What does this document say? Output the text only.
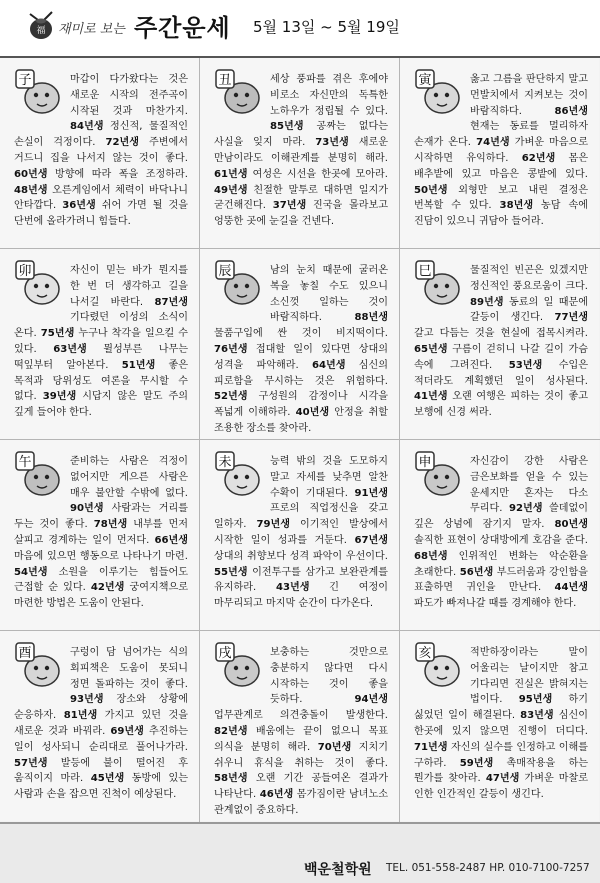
福 재미로 보는 주간운세 5월 13일 ~ 5월 19일
子	마갑이 다가왔다는 것은 새로운 시작의 전주곡이 시작된 것과 마찬가지. 84년생 정신적, 물질적인 손실이 걱정이다. 72년생 주변에서 거드니 집을 나서지 않는 것이 좋다. 60년생 방향에 따라 폭을 조정하라. 48년생 오른게임에서 체력이 바닥나니 안타깝다. 36년생 쉬어 가면 될 것을 단번에 올라가려니 힘들다.
丑	세상 풍파를 겪은 후에야 비로소 자신만의 독특한 노하우가 정립될 수 있다. 85년생 공짜는 없다는 사실을 잊지 마라. 73년생 새로운 만남이라도 이해관계를 분명히 해라. 61년생 여성은 시선을 한곳에 모아라. 49년생 친절한 말투로 대하면 일지가 굳건해진다. 37년생 진국을 몰라보고 엉뚱한 곳에 눈길을 건넨다.
寅	옳고 그름을 판단하지 말고 먼발치에서 지켜보는 것이 바람직하다. 86년생 현재는 동료를 멀리하자 손재가 온다. 74년생 가벼운 마음으로 시작하면 유익하다. 62년생 몸은 배추밭에 있고 마음은 콩밭에 있다. 50년생 외형만 보고 내린 결정은 번복할 수 있다. 38년생 농담 속에 진담이 있으니 귀담아 들어라.
卯	자신이 믿는 바가 뭔지를 한 번 더 생각하고 길을 나서길 바란다. 87년생 기다렸던 이성의 소식이 온다. 75년생 누구나 착각을 일으킬 수 있다. 63년생 뮐성부른 나무는 떡잎부터 알아본다. 51년생 좋은 목적과 당위성도 여론을 무시할 수 없다. 39년생 시답지 않은 말도 주의 깊게 들어야 한다.
辰	남의 눈치 때문에 굴러온 복을 놓칠 수도 있으니 소신껏 일하는 것이 바람직하다. 88년생 물품구입에 싼 것이 비지떡이다. 76년생 접대할 일이 있다면 상대의 성격을 파악해라. 64년생 심신의 피로함을 무시하는 것은 위험하다. 52년생 구성원의 감정이나 시각을 폭넓게 이해하라. 40년생 안정을 취할 조용한 장소를 찾아라.
巳	물질적인 빈곤은 있겠지만 정신적인 풍요로움이 크다. 89년생 동료의 일 때문에 갈등이 생긴다. 77년생 갈고 다듬는 것을 현실에 접목시켜라. 65년생 구름이 걷히니 나갈 길이 가슴 속에 그려진다. 53년생 수입은 적더라도 계획했던 일이 성사된다. 41년생 오랜 여행은 피하는 것이 좋고 보행에 신경 써라.
午	준비하는 사람은 걱정이 없어지만 게으른 사람은 매우 불안할 수밖에 없다. 90년생 사람과는 거리를 두는 것이 좋다. 78년생 내부를 먼저 살피고 경계하는 일이 먼저다. 66년생 마음에 있으면 행동으로 나타나기 마련. 54년생 소원을 이루기는 힘들어도 근접할 순 있다. 42년생 궁여지책으로 마련한 방법은 도움이 안된다.
未	능력 밖의 것을 도모하지 말고 자세를 낮추면 알찬 수확이 기대된다. 91년생 프로의 직업정신을 갖고 일하자. 79년생 이기적인 발상에서 시작한 일이 성과를 거둔다. 67년생 상대의 취향보다 성격 파악이 우선이다. 55년생 이전투구를 삼가고 보완관계를 유지하라. 43년생 긴 여정이 마무리되고 마지막 순간이 다가온다.
申	자신감이 강한 사람은 금은보화를 얻을 수 있는 운세지만 혼자는 다소 무리다. 92년생 쓸데없이 깊은 상념에 잠기지 말자. 80년생 솔직한 표현이 상대방에게 호감을 준다. 68년생 인위적인 변화는 악순환을 초래한다. 56년생 부드러움과 강인함을 표출하면 귀인을 만난다. 44년생 파도가 빠져나갈 때를 경계해야 한다.
酉	구렁이 담 넘어가는 식의 회피책은 도움이 못되니 정면 돌파하는 것이 좋다. 93년생 장소와 상황에 순응하자. 81년생 가지고 있던 것을 새로운 것과 바꿔라. 69년생 추진하는 일이 성사되니 순리대로 풀어나가라. 57년생 발등에 불이 떨어진 후 움직이지 마라. 45년생 동방에 있는 사람과 손을 잡으면 진척이 예상된다.
戌	보충하는 것만으로 충분하지 않다면 다시 시작하는 것이 좋을 듯하다. 94년생 업무관계로 의견충돌이 발생한다. 82년생 배움에는 끝이 없으니 목표 의식을 분명히 해라. 70년생 지치기 쉬우니 휴식을 취하는 것이 좋다. 58년생 오랜 기간 공들여온 결과가 나타난다. 46년생 몸가짐이란 남녀노소 관계없이 중요하다.
亥	적반하장이라는 말이 어울리는 날이지만 참고 기다리면 진실은 밝혀지는 법이다. 95년생 하기 싫었던 일이 해결된다. 83년생 심신이 한곳에 있지 않으면 진행이 더디다. 71년생 자신의 실수를 인정하고 이해를 구하라. 59년생 촉매작용을 하는 뭔가를 찾아라. 47년생 가벼운 마찰로 인한 인간적인 갈등이 생긴다.
백운철학원 TEL. 051-558-2487 HP. 010-7100-7257
